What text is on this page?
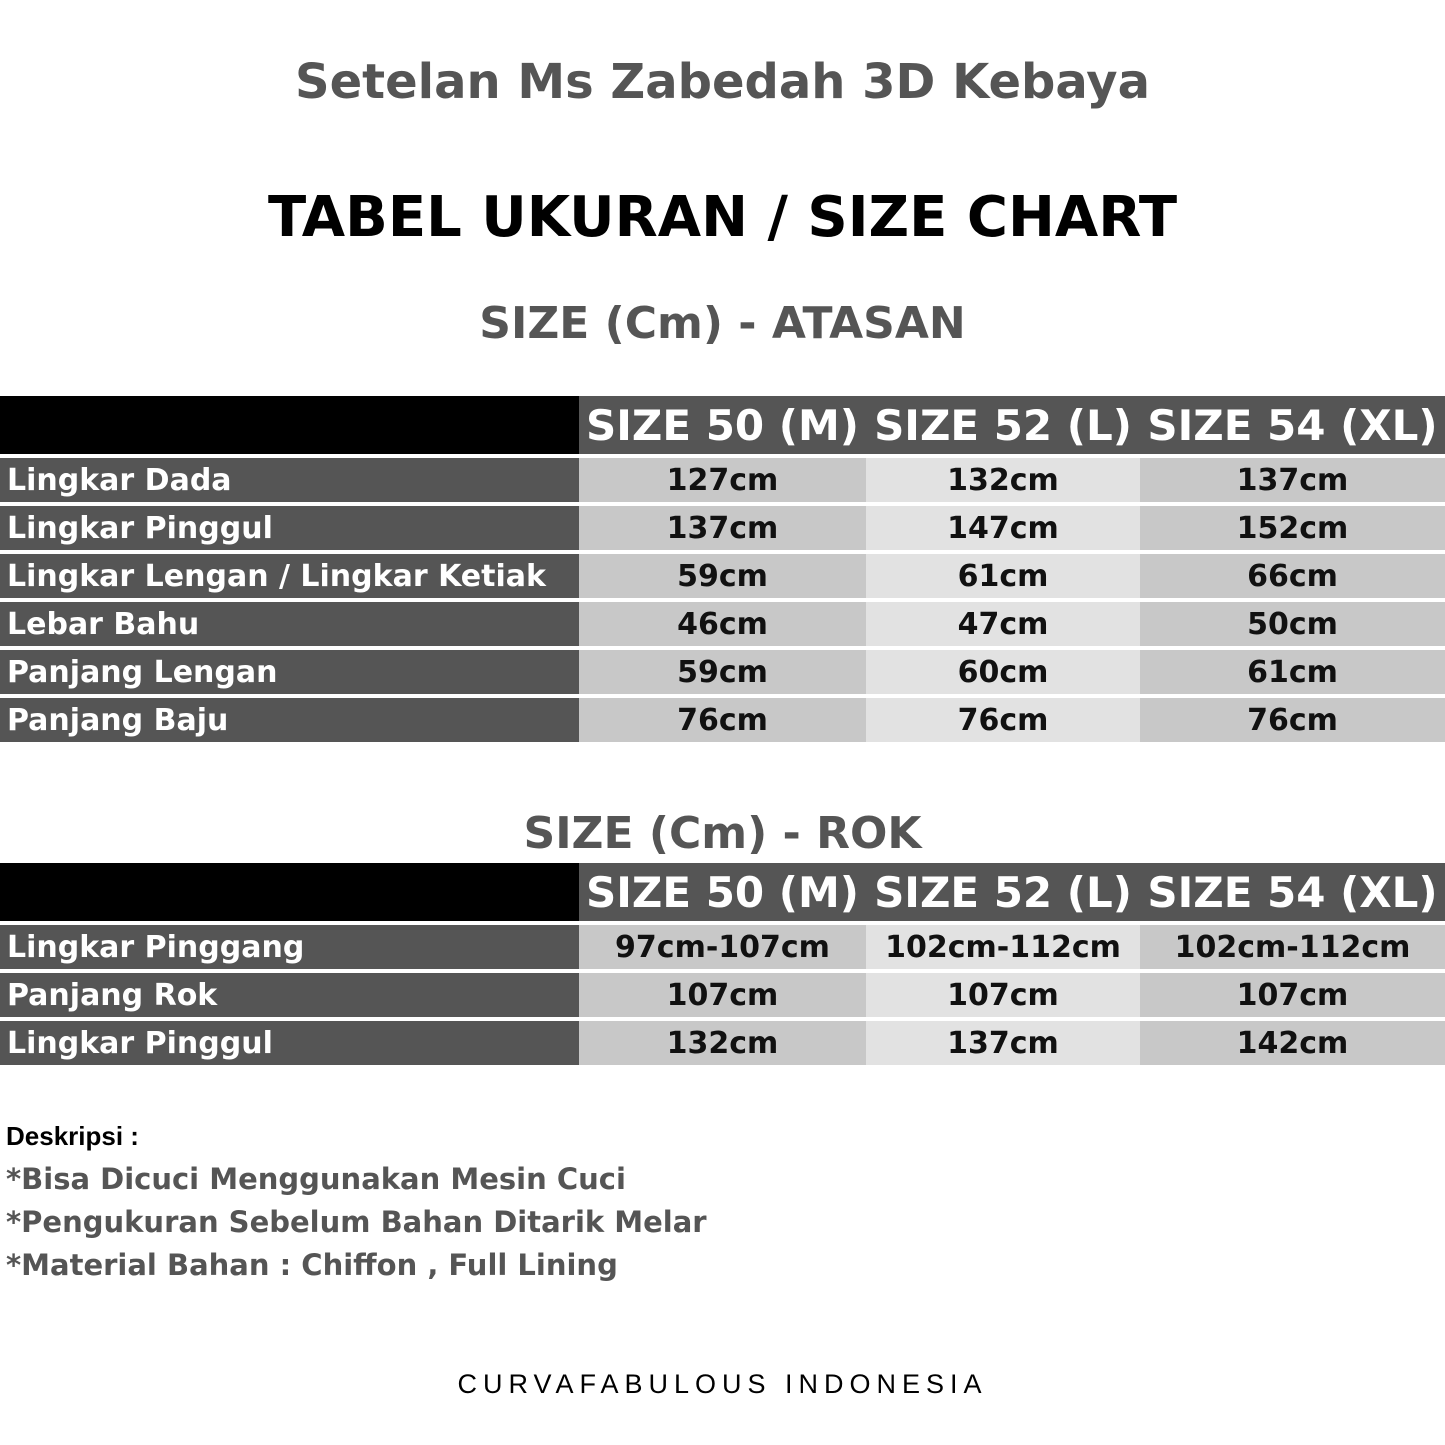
Setelan Ms Zabedah 3D Kebaya
TABEL UKURAN / SIZE CHART
SIZE (Cm) - ATASAN
	SIZE 50 (M)	SIZE 52 (L)	SIZE 54 (XL)
Lingkar Dada	127cm	132cm	137cm
Lingkar Pinggul	137cm	147cm	152cm
Lingkar Lengan / Lingkar Ketiak	59cm	61cm	66cm
Lebar Bahu	46cm	47cm	50cm
Panjang Lengan	59cm	60cm	61cm
Panjang Baju	76cm	76cm	76cm
SIZE (Cm) - ROK
	SIZE 50 (M)	SIZE 52 (L)	SIZE 54 (XL)
Lingkar Pinggang	97cm-107cm	102cm-112cm	102cm-112cm
Panjang Rok	107cm	107cm	107cm
Lingkar Pinggul	132cm	137cm	142cm
Deskripsi :
*Bisa Dicuci Menggunakan Mesin Cuci
*Pengukuran Sebelum Bahan Ditarik Melar
*Material Bahan : Chiffon , Full Lining
CURVAFABULOUS INDONESIA
